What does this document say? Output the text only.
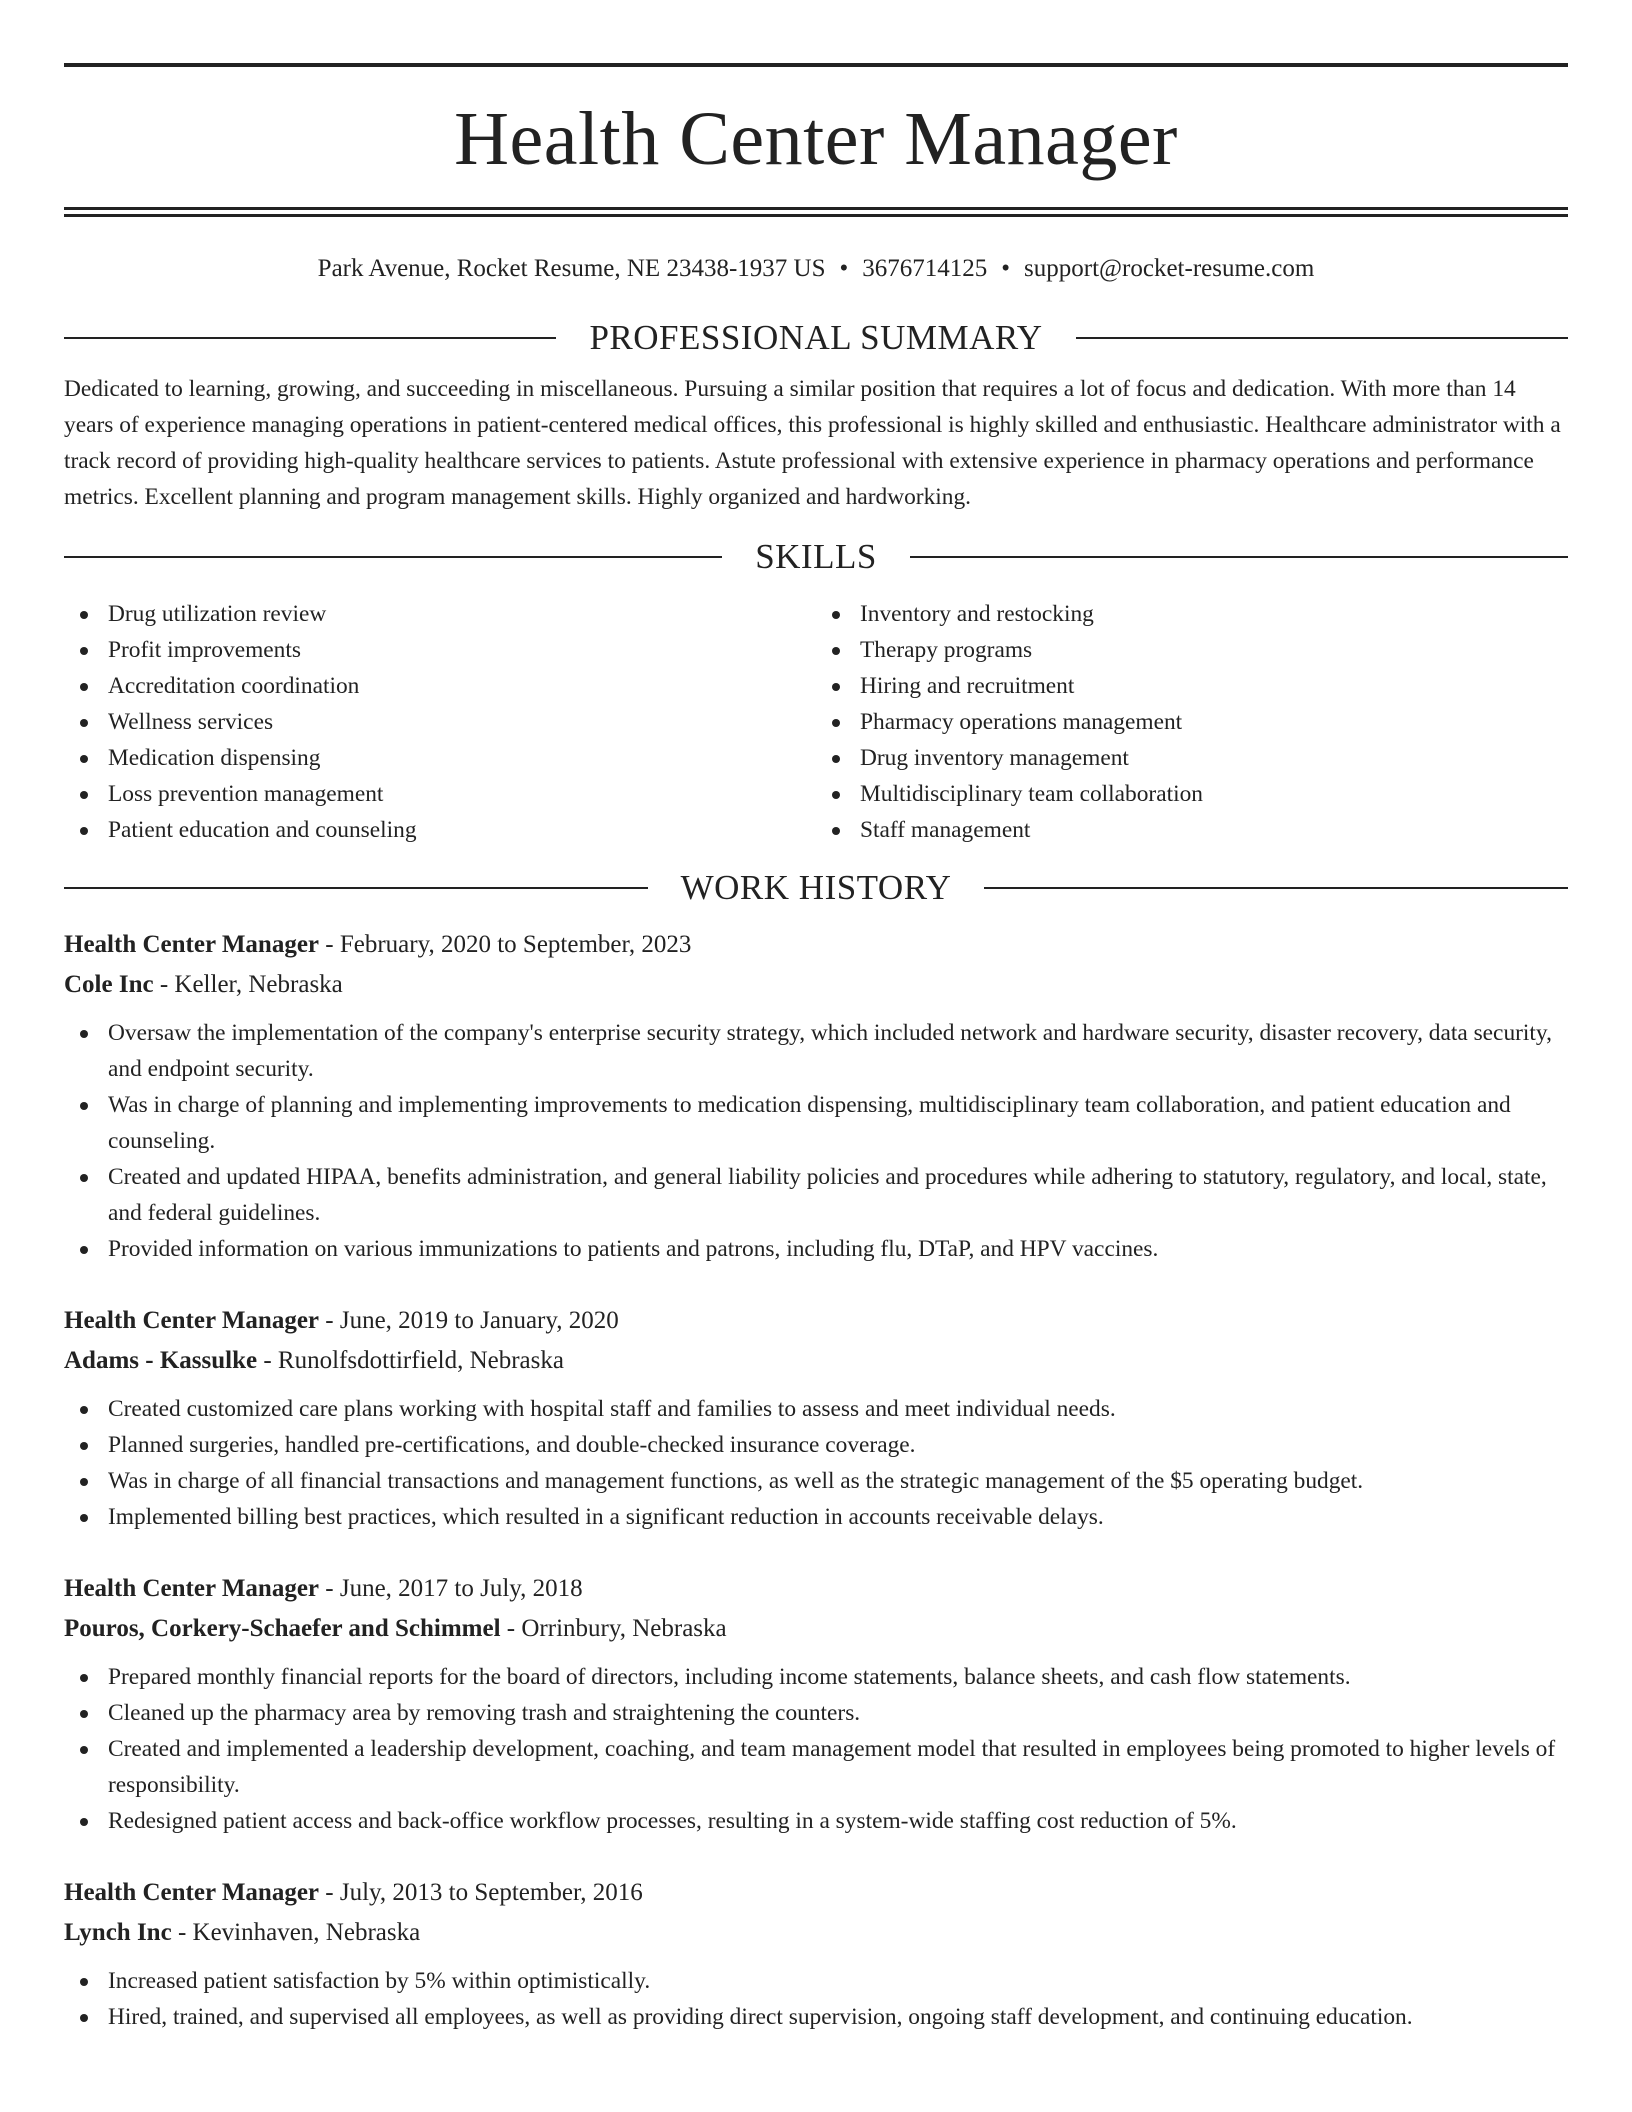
Health Center Manager
Park Avenue, Rocket Resume, NE 23438-1937 US • 3676714125 • support@rocket-resume.com
PROFESSIONAL SUMMARY

Dedicated to learning, growing, and succeeding in miscellaneous. Pursuing a similar position that requires a lot of focus and dedication. With more than 14 years of experience managing operations in patient-centered medical offices, this professional is highly skilled and enthusiastic. Healthcare administrator with a track record of providing high-quality healthcare services to patients. Astute professional with extensive experience in pharmacy operations and performance metrics. Excellent planning and program management skills. Highly organized and hardworking.

SKILLS
Drug utilization review
Profit improvements
Accreditation coordination
Wellness services
Medication dispensing
Loss prevention management
Patient education and counseling
Inventory and restocking
Therapy programs
Hiring and recruitment
Pharmacy operations management
Drug inventory management
Multidisciplinary team collaboration
Staff management
WORK HISTORY
Health Center Manager - February, 2020 to September, 2023
Cole Inc - Keller, Nebraska
Oversaw the implementation of the company's enterprise security strategy, which included network and hardware security, disaster recovery, data security, and endpoint security.
Was in charge of planning and implementing improvements to medication dispensing, multidisciplinary team collaboration, and patient education and counseling.
Created and updated HIPAA, benefits administration, and general liability policies and procedures while adhering to statutory, regulatory, and local, state, and federal guidelines.
Provided information on various immunizations to patients and patrons, including flu, DTaP, and HPV vaccines.
Health Center Manager - June, 2019 to January, 2020
Adams - Kassulke - Runolfsdottirfield, Nebraska
Created customized care plans working with hospital staff and families to assess and meet individual needs.
Planned surgeries, handled pre-certifications, and double-checked insurance coverage.
Was in charge of all financial transactions and management functions, as well as the strategic management of the $5 operating budget.
Implemented billing best practices, which resulted in a significant reduction in accounts receivable delays.
Health Center Manager - June, 2017 to July, 2018
Pouros, Corkery-Schaefer and Schimmel - Orrinbury, Nebraska
Prepared monthly financial reports for the board of directors, including income statements, balance sheets, and cash flow statements.
Cleaned up the pharmacy area by removing trash and straightening the counters.
Created and implemented a leadership development, coaching, and team management model that resulted in employees being promoted to higher levels of responsibility.
Redesigned patient access and back-office workflow processes, resulting in a system-wide staffing cost reduction of 5%.
Health Center Manager - July, 2013 to September, 2016
Lynch Inc - Kevinhaven, Nebraska
Increased patient satisfaction by 5% within optimistically.
Hired, trained, and supervised all employees, as well as providing direct supervision, ongoing staff development, and continuing education.
